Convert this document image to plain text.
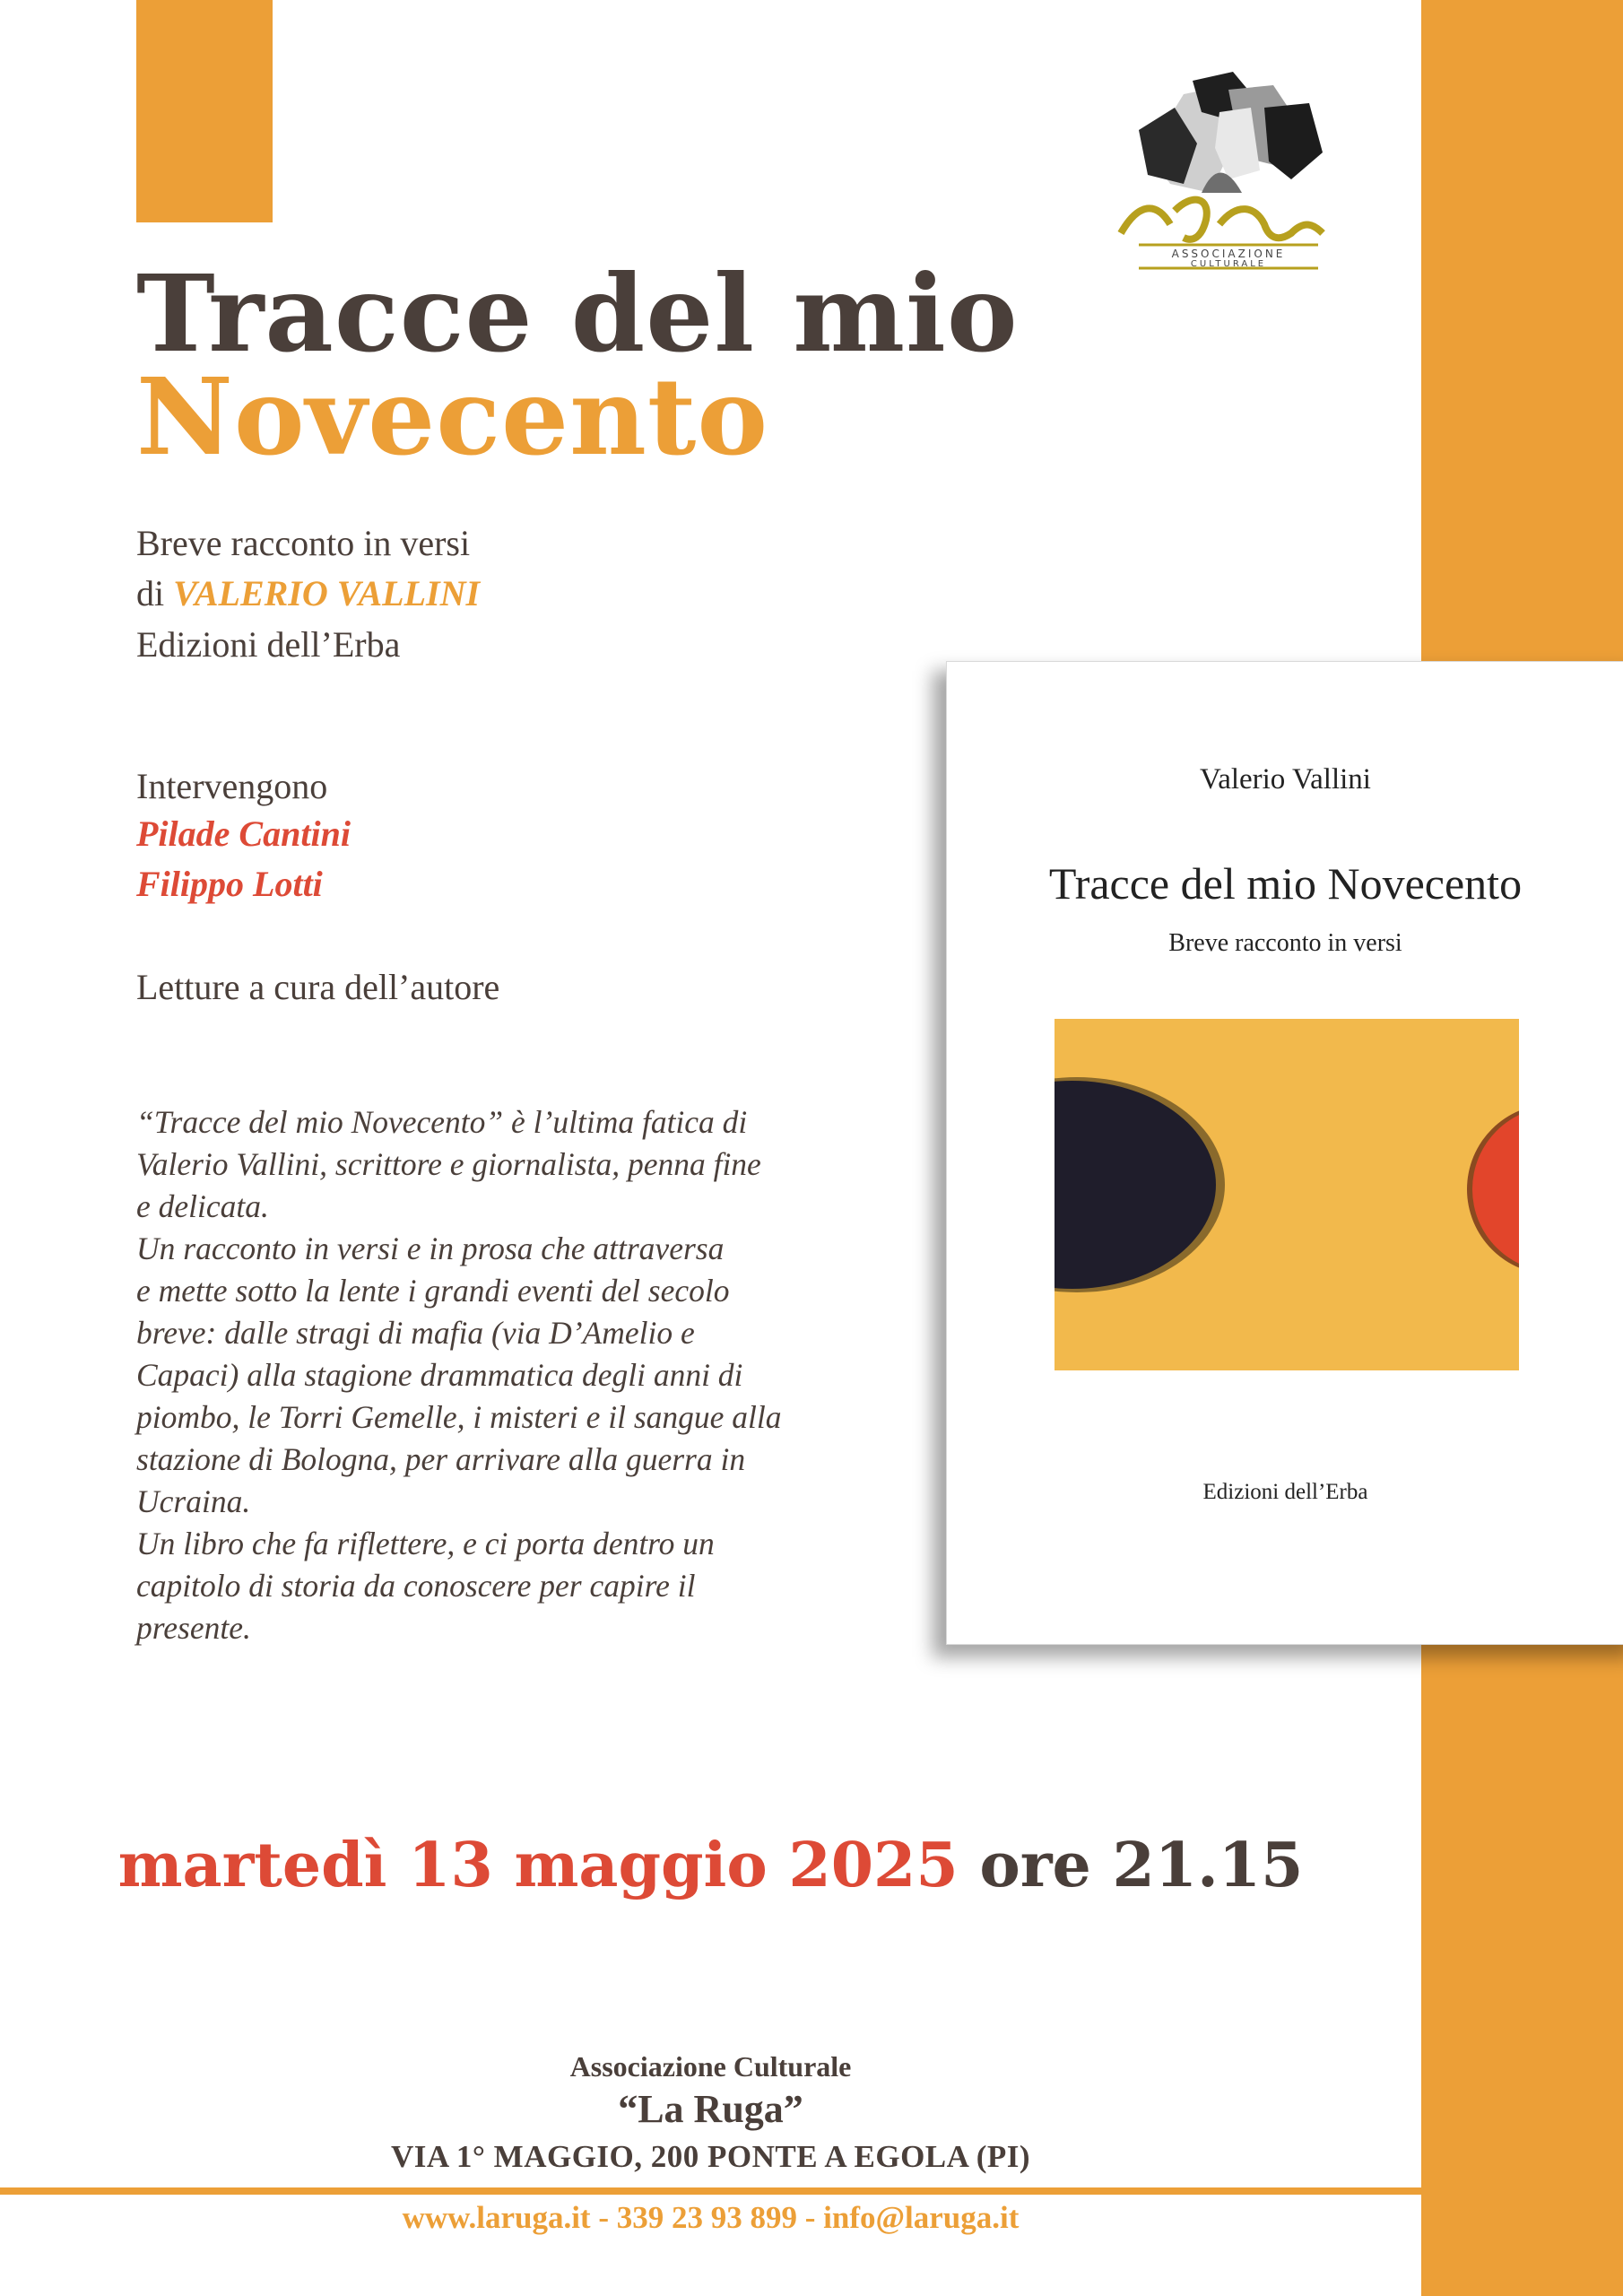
ASSOCIAZIONE
CULTURALE
Tracce del mio
Novecento
Breve racconto in versi
di VALERIO VALLINI
Edizioni dell’Erba
Intervengono
Pilade Cantini
Filippo Lotti
Letture a cura dell’autore

“Tracce del mio Novecento” è l’ultima fatica di

Valerio Vallini, scrittore e giornalista, penna fine

e delicata.

Un racconto in versi e in prosa che attraversa

e mette sotto la lente i grandi eventi del secolo

breve: dalle stragi di mafia (via D’Amelio e

Capaci) alla stagione drammatica degli anni di

piombo, le Torri Gemelle, i misteri e il sangue alla

stazione di Bologna, per arrivare alla guerra in

Ucraina.

Un libro che fa riflettere, e ci porta dentro un

capitolo di storia da conoscere per capire il

presente.

Valerio Vallini
Tracce del mio Novecento
Breve racconto in versi
Edizioni dell’Erba
martedì 13 maggio 2025 ore 21.15
Associazione Culturale
“La Ruga”
VIA 1° MAGGIO, 200 PONTE A EGOLA (PI)
www.laruga.it - 339 23 93 899 - info@laruga.it
